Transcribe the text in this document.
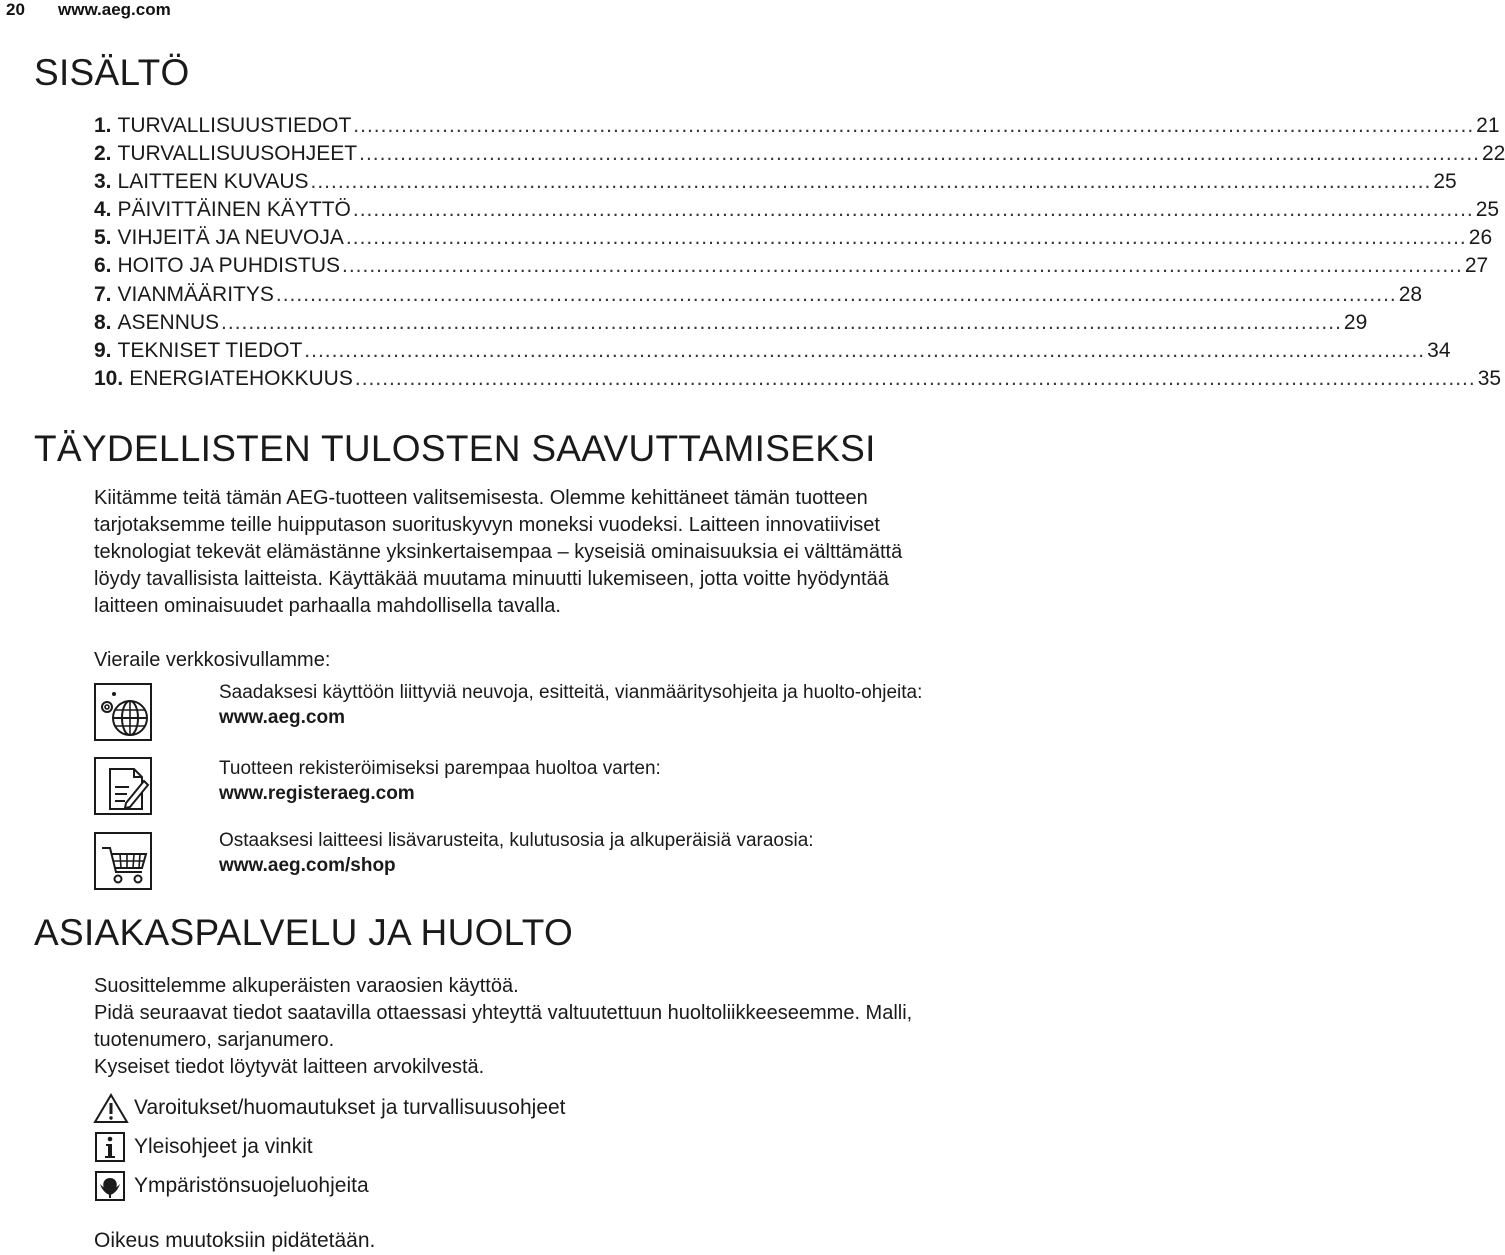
20	www.aeg.com
SISÄLTÖ
1. TURVALLISUUSTIEDOT .................................................................................................................................................................... 21
2. TURVALLISUUSOHJEET .................................................................................................................................................................... 22
3. LAITTEEN KUVAUS .................................................................................................................................................................... 25
4. PÄIVITTÄINEN KÄYTTÖ .................................................................................................................................................................... 25
5. VIHJEITÄ JA NEUVOJA .................................................................................................................................................................... 26
6. HOITO JA PUHDISTUS .................................................................................................................................................................... 27
7. VIANMÄÄRITYS .................................................................................................................................................................... 28
8. ASENNUS .................................................................................................................................................................... 29
9. TEKNISET TIEDOT .................................................................................................................................................................... 34
10. ENERGIATEHOKKUUS .................................................................................................................................................................... 35
TÄYDELLISTEN TULOSTEN SAAVUTTAMISEKSI

Kiitämme teitä tämän AEG-tuotteen valitsemisesta. Olemme kehittäneet tämän tuotteen tarjotaksemme teille huipputason suorituskyvyn moneksi vuodeksi. Laitteen innovatiiviset teknologiat tekevät elämästänne yksinkertaisempaa – kyseisiä ominaisuuksia ei välttämättä löydy tavallisista laitteista. Käyttäkää muutama minuutti lukemiseen, jotta voitte hyödyntää laitteen ominaisuudet parhaalla mahdollisella tavalla.

Vieraile verkkosivullamme:

Saadaksesi käyttöön liittyviä neuvoja, esitteitä, vianmääritysohjeita ja huolto-ohjeita:
www.aeg.com
Tuotteen rekisteröimiseksi parempaa huoltoa varten:
www.registeraeg.com
Ostaaksesi laitteesi lisävarusteita, kulutusosia ja alkuperäisiä varaosia:
www.aeg.com/shop
ASIAKASPALVELU JA HUOLTO
Suosittelemme alkuperäisten varaosien käyttöä.
Pidä seuraavat tiedot saatavilla ottaessasi yhteyttä valtuutettuun huoltoliikkeeseemme. Malli, tuotenumero, sarjanumero.
Kyseiset tiedot löytyvät laitteen arvokilvestä.
Varoitukset/huomautukset ja turvallisuusohjeet
Yleisohjeet ja vinkit
Ympäristönsuojeluohjeita
Oikeus muutoksiin pidätetään.
